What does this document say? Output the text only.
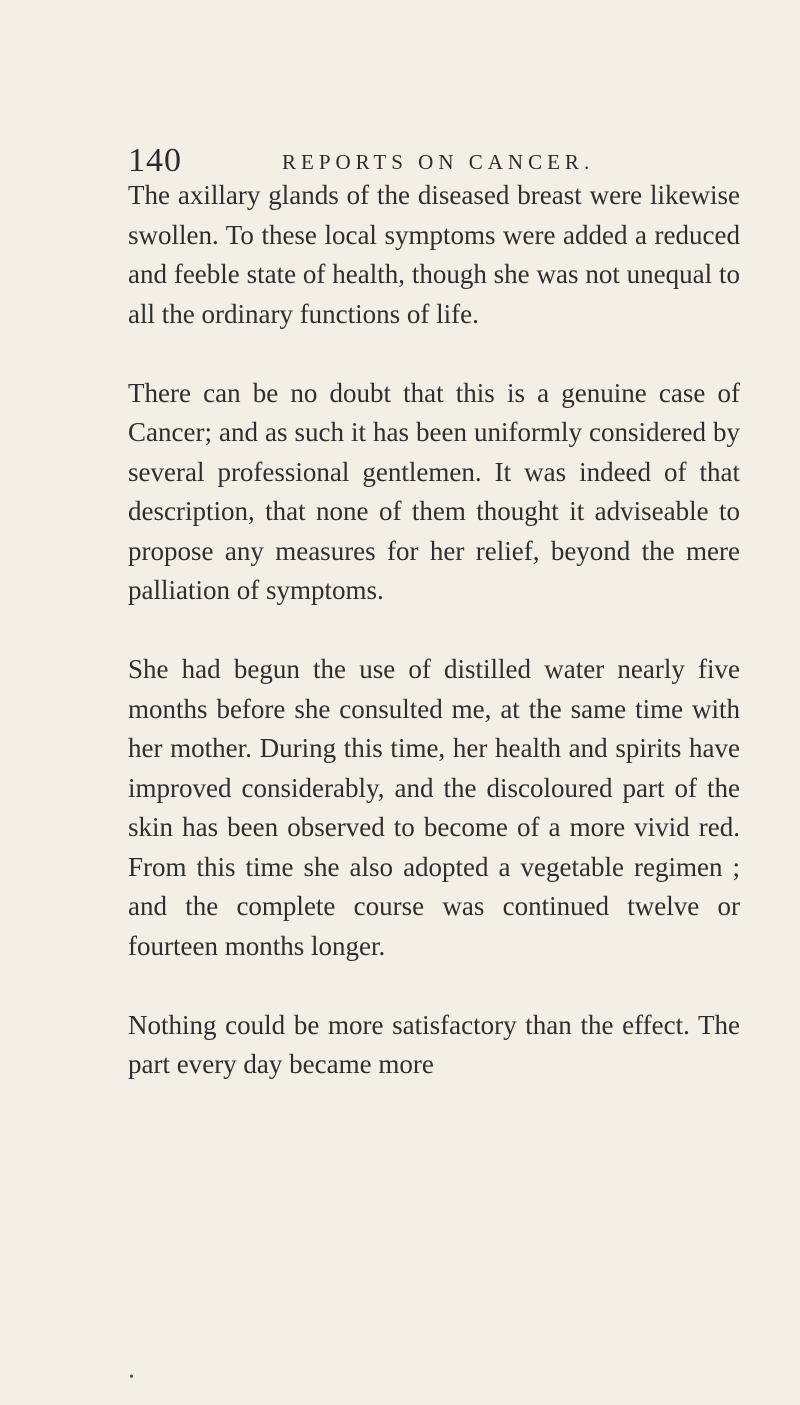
140	REPORTS ON CANCER.

The axillary glands of the diseased breast were likewise swollen. To these local symptoms were added a reduced and feeble state of health, though she was not unequal to all the ordinary functions of life.

There can be no doubt that this is a genuine case of Cancer; and as such it has been uniformly considered by several professional gentlemen. It was indeed of that description, that none of them thought it adviseable to propose any measures for her relief, beyond the mere palliation of symptoms.

She had begun the use of distilled water nearly five months before she consulted me, at the same time with her mother. During this time, her health and spirits have improved considerably, and the discoloured part of the skin has been observed to become of a more vivid red. From this time she also adopted a vegetable regimen ; and the complete course was continued twelve or fourteen months longer.

Nothing could be more satisfactory than the effect. The part every day became more

•
